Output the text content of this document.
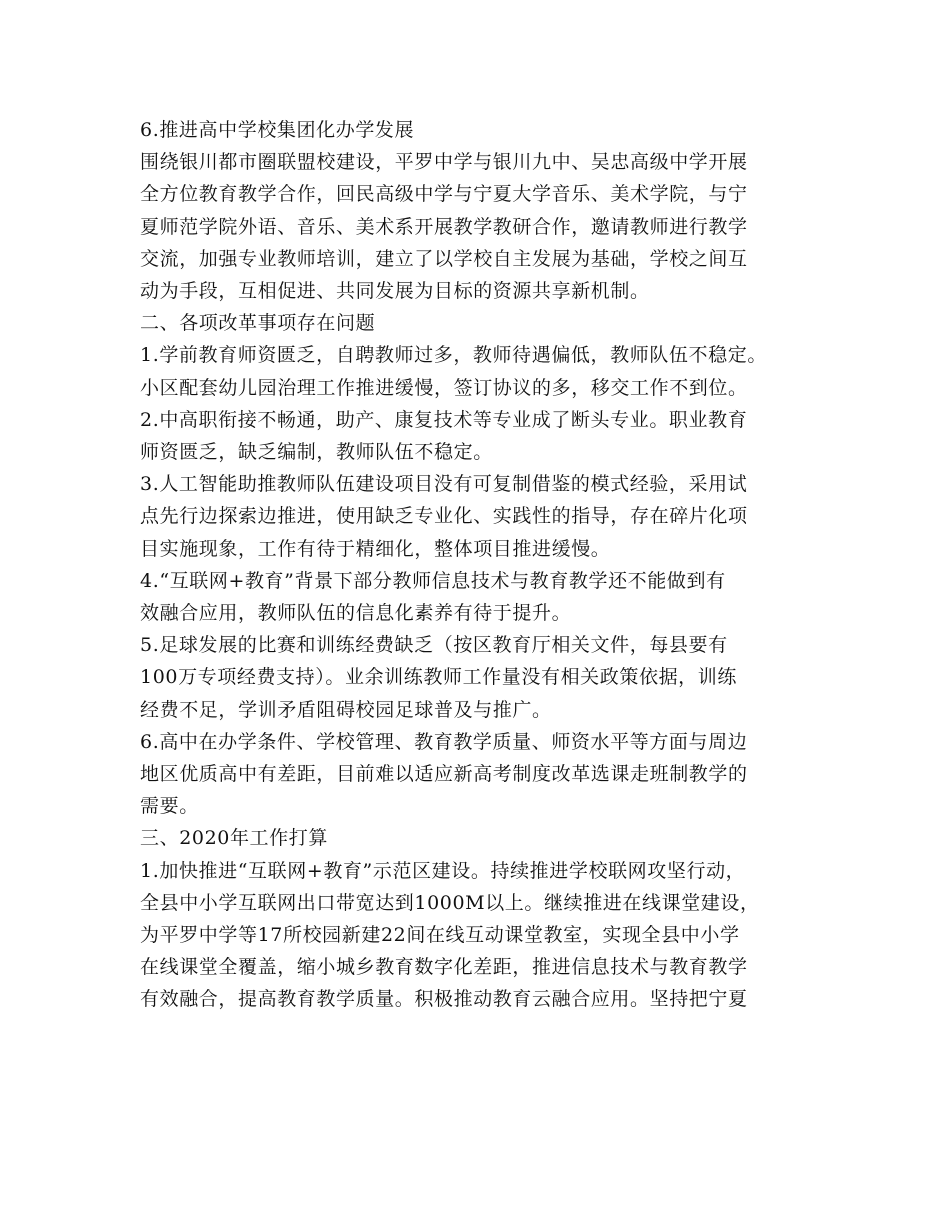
6.推进高中学校集团化办学发展
围绕银川都市圈联盟校建设，平罗中学与银川九中、吴忠高级中学开展
全方位教育教学合作，回民高级中学与宁夏大学音乐、美术学院，与宁
夏师范学院外语、音乐、美术系开展教学教研合作，邀请教师进行教学
交流，加强专业教师培训，建立了以学校自主发展为基础，学校之间互
动为手段，互相促进、共同发展为目标的资源共享新机制。
二、各项改革事项存在问题
1.学前教育师资匮乏，自聘教师过多，教师待遇偏低，教师队伍不稳定。
小区配套幼儿园治理工作推进缓慢，签订协议的多，移交工作不到位。
2.中高职衔接不畅通，助产、康复技术等专业成了断头专业。职业教育
师资匮乏，缺乏编制，教师队伍不稳定。
3.人工智能助推教师队伍建设项目没有可复制借鉴的模式经验，采用试
点先行边探索边推进，使用缺乏专业化、实践性的指导，存在碎片化项
目实施现象，工作有待于精细化，整体项目推进缓慢。
4.“互联网+教育”背景下部分教师信息技术与教育教学还不能做到有
效融合应用，教师队伍的信息化素养有待于提升。
5.足球发展的比赛和训练经费缺乏（按区教育厅相关文件，每县要有
100万专项经费支持）。业余训练教师工作量没有相关政策依据，训练
经费不足，学训矛盾阻碍校园足球普及与推广。
6.高中在办学条件、学校管理、教育教学质量、师资水平等方面与周边
地区优质高中有差距，目前难以适应新高考制度改革选课走班制教学的
需要。
三、2020年工作打算
1.加快推进“互联网+教育”示范区建设。持续推进学校联网攻坚行动，
全县中小学互联网出口带宽达到1000M以上。继续推进在线课堂建设，
为平罗中学等17所校园新建22间在线互动课堂教室，实现全县中小学
在线课堂全覆盖，缩小城乡教育数字化差距，推进信息技术与教育教学
有效融合，提高教育教学质量。积极推动教育云融合应用。坚持把宁夏
